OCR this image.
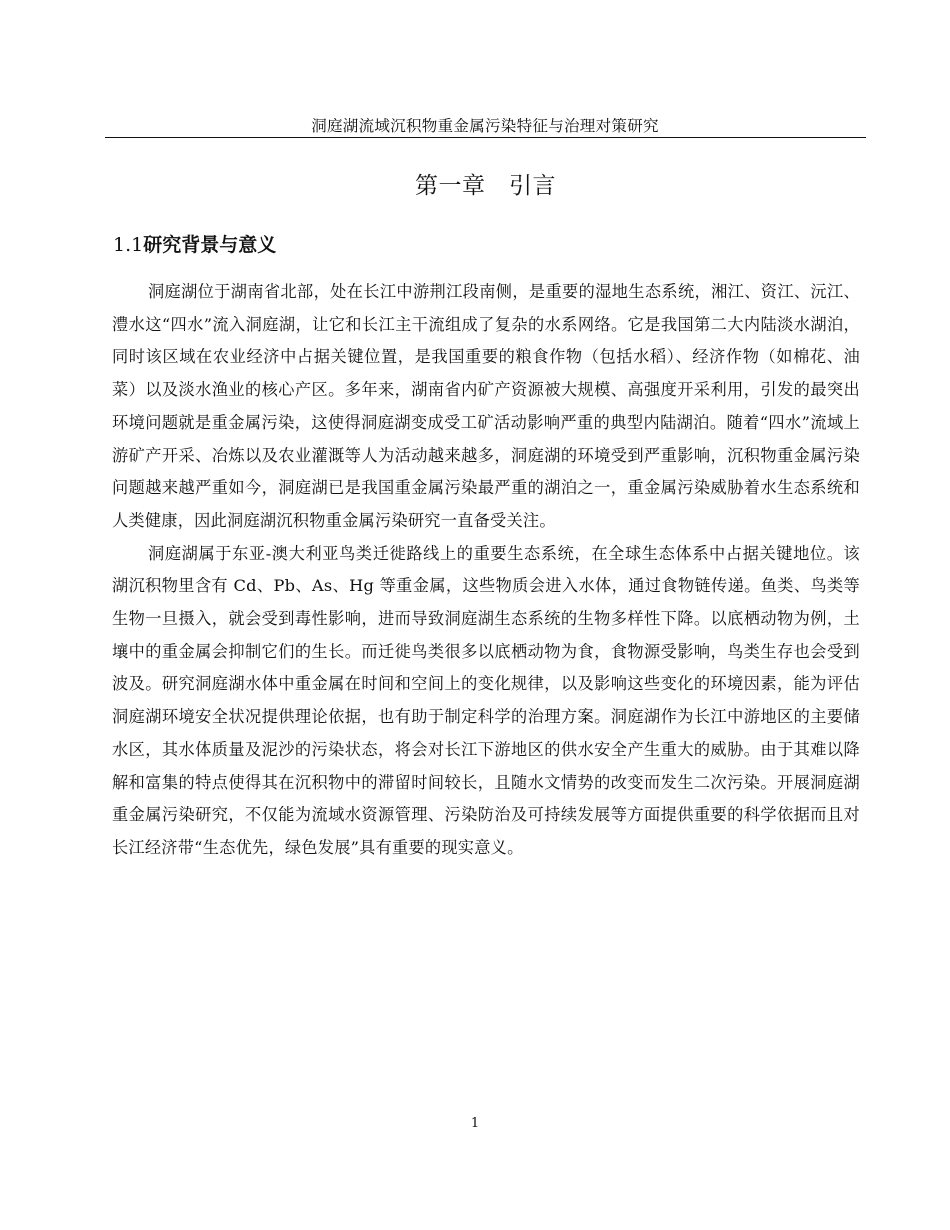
洞庭湖流域沉积物重金属污染特征与治理对策研究
第一章　引言
1.1研究背景与意义

洞庭湖位于湖南省北部，处在长江中游荆江段南侧，是重要的湿地生态系统，湘江、资江、沅江、澧水这“四水”流入洞庭湖，让它和长江主干流组成了复杂的水系网络。它是我国第二大内陆淡水湖泊，同时该区域在农业经济中占据关键位置，是我国重要的粮食作物（包括水稻）、经济作物（如棉花、油菜）以及淡水渔业的核心产区。多年来，湖南省内矿产资源被大规模、高强度开采利用，引发的最突出环境问题就是重金属污染，这使得洞庭湖变成受工矿活动影响严重的典型内陆湖泊。随着“四水”流域上游矿产开采、冶炼以及农业灌溉等人为活动越来越多，洞庭湖的环境受到严重影响，沉积物重金属污染问题越来越严重如今，洞庭湖已是我国重金属污染最严重的湖泊之一，重金属污染威胁着水生态系统和人类健康，因此洞庭湖沉积物重金属污染研究一直备受关注。

洞庭湖属于东亚-澳大利亚鸟类迁徙路线上的重要生态系统，在全球生态体系中占据关键地位。该湖沉积物里含有 Cd、Pb、As、Hg 等重金属，这些物质会进入水体，通过食物链传递。鱼类、鸟类等生物一旦摄入，就会受到毒性影响，进而导致洞庭湖生态系统的生物多样性下降。以底栖动物为例，土壤中的重金属会抑制它们的生长。而迁徙鸟类很多以底栖动物为食，食物源受影响，鸟类生存也会受到波及。研究洞庭湖水体中重金属在时间和空间上的变化规律，以及影响这些变化的环境因素，能为评估洞庭湖环境安全状况提供理论依据，也有助于制定科学的治理方案。洞庭湖作为长江中游地区的主要储水区，其水体质量及泥沙的污染状态，将会对长江下游地区的供水安全产生重大的威胁。由于其难以降解和富集的特点使得其在沉积物中的滞留时间较长，且随水文情势的改变而发生二次污染。开展洞庭湖重金属污染研究，不仅能为流域水资源管理、污染防治及可持续发展等方面提供重要的科学依据而且对长江经济带“生态优先，绿色发展”具有重要的现实意义。

1
